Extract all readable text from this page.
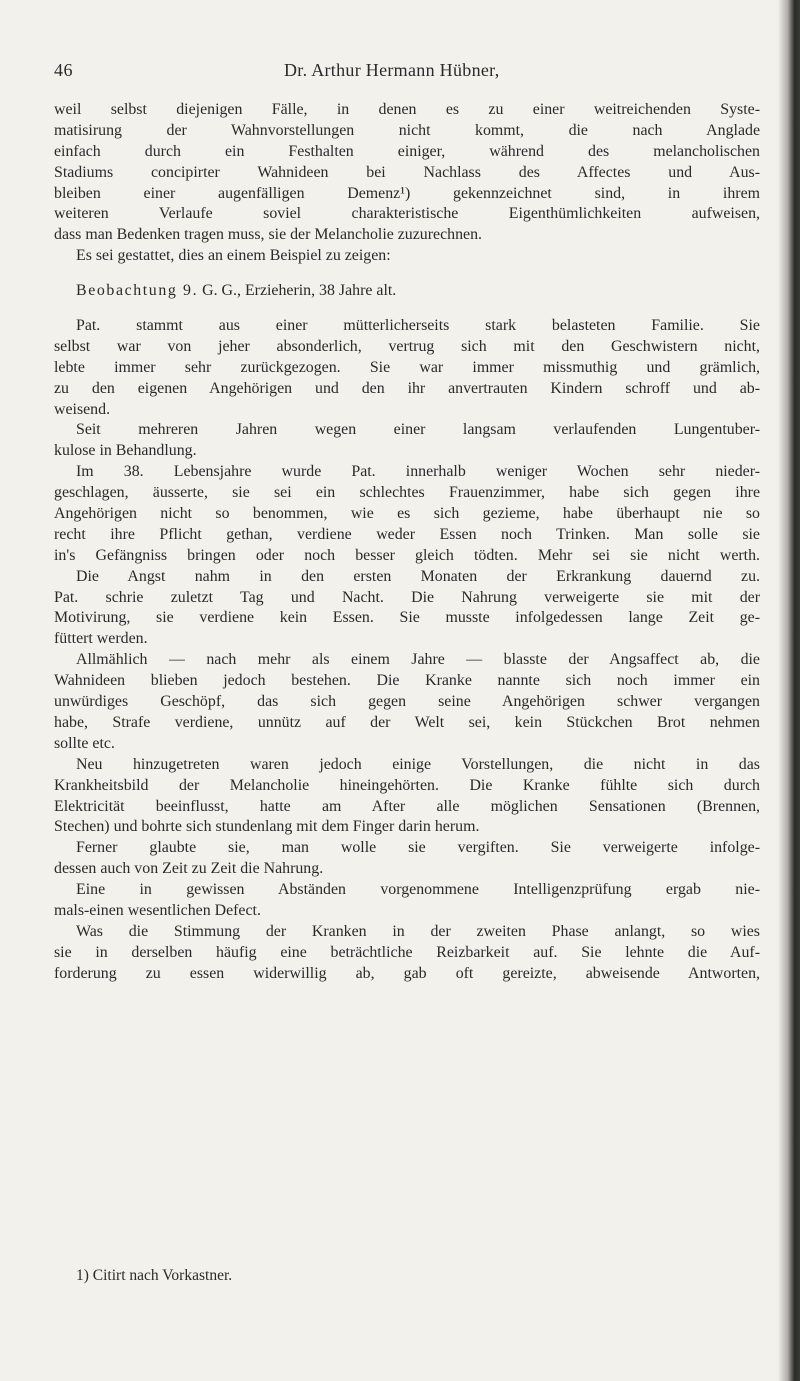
46	Dr. Arthur Hermann Hübner,
weil selbst diejenigen Fälle, in denen es zu einer weitreichenden Syste-
matisirung der Wahnvorstellungen nicht kommt, die nach Anglade
einfach durch ein Festhalten einiger, während des melancholischen
Stadiums concipirter Wahnideen bei Nachlass des Affectes und Aus-
bleiben einer augenfälligen Demenz¹) gekennzeichnet sind, in ihrem
weiteren Verlaufe soviel charakteristische Eigenthümlichkeiten aufweisen,
dass man Bedenken tragen muss, sie der Melancholie zuzurechnen.
Es sei gestattet, dies an einem Beispiel zu zeigen:
Beobachtung 9. G. G., Erzieherin, 38 Jahre alt.
Pat. stammt aus einer mütterlicherseits stark belasteten Familie. Sie
selbst war von jeher absonderlich, vertrug sich mit den Geschwistern nicht,
lebte immer sehr zurückgezogen. Sie war immer missmuthig und grämlich,
zu den eigenen Angehörigen und den ihr anvertrauten Kindern schroff und ab-
weisend.
Seit mehreren Jahren wegen einer langsam verlaufenden Lungentuber-
kulose in Behandlung.
Im 38. Lebensjahre wurde Pat. innerhalb weniger Wochen sehr nieder-
geschlagen, äusserte, sie sei ein schlechtes Frauenzimmer, habe sich gegen ihre
Angehörigen nicht so benommen, wie es sich gezieme, habe überhaupt nie so
recht ihre Pflicht gethan, verdiene weder Essen noch Trinken. Man solle sie
in's Gefängniss bringen oder noch besser gleich tödten. Mehr sei sie nicht werth.
Die Angst nahm in den ersten Monaten der Erkrankung dauernd zu.
Pat. schrie zuletzt Tag und Nacht. Die Nahrung verweigerte sie mit der
Motivirung, sie verdiene kein Essen. Sie musste infolgedessen lange Zeit ge-
füttert werden.
Allmählich — nach mehr als einem Jahre — blasste der Angsaffect ab, die
Wahnideen blieben jedoch bestehen. Die Kranke nannte sich noch immer ein
unwürdiges Geschöpf, das sich gegen seine Angehörigen schwer vergangen
habe, Strafe verdiene, unnütz auf der Welt sei, kein Stückchen Brot nehmen
sollte etc.
Neu hinzugetreten waren jedoch einige Vorstellungen, die nicht in das
Krankheitsbild der Melancholie hineingehörten. Die Kranke fühlte sich durch
Elektricität beeinflusst, hatte am After alle möglichen Sensationen (Brennen,
Stechen) und bohrte sich stundenlang mit dem Finger darin herum.
Ferner glaubte sie, man wolle sie vergiften. Sie verweigerte infolge-
dessen auch von Zeit zu Zeit die Nahrung.
Eine in gewissen Abständen vorgenommene Intelligenzprüfung ergab nie-
mals-einen wesentlichen Defect.
Was die Stimmung der Kranken in der zweiten Phase anlangt, so wies
sie in derselben häufig eine beträchtliche Reizbarkeit auf. Sie lehnte die Auf-
forderung zu essen widerwillig ab, gab oft gereizte, abweisende Antworten,
1) Citirt nach Vorkastner.
